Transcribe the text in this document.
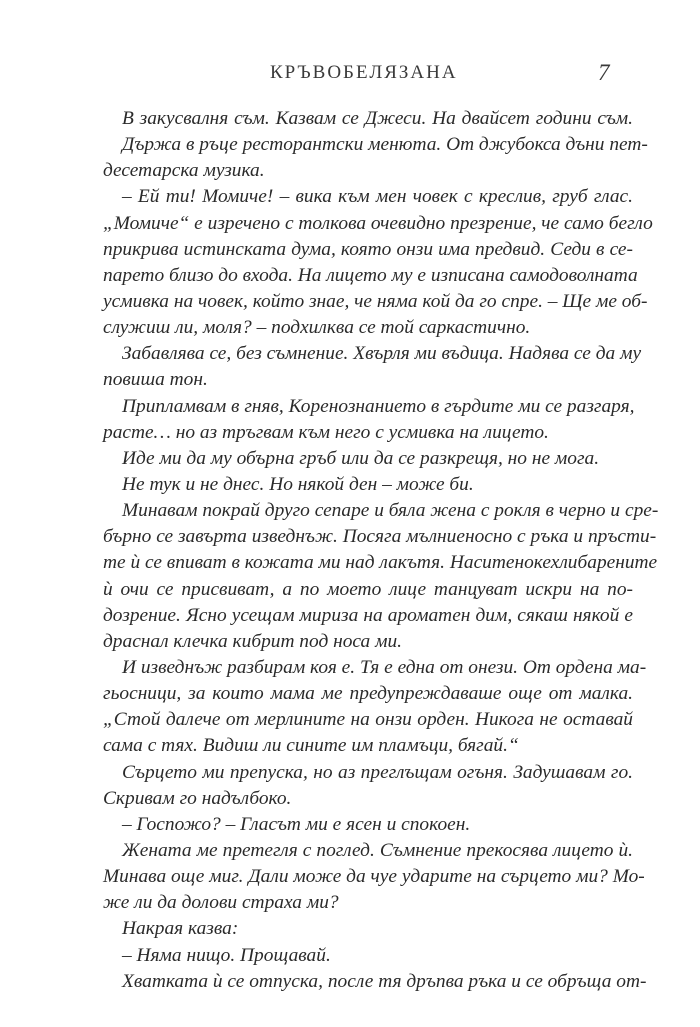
КРЪВОБЕЛЯЗАНА	7
В закусвалня съм. Казвам се Джеси. На двайсет години съм.
Държа в ръце ресторантски менюта. От джубокса дъни пет-
десетарска музика.
– Ей ти! Момиче! – вика към мен човек с креслив, груб глас.
„Момиче“ е изречено с толкова очевидно презрение, че само бегло
прикрива истинската дума, която онзи има предвид. Седи в се-
парето близо до входа. На лицето му е изписана самодоволната
усмивка на човек, който знае, че няма кой да го спре. – Ще ме об-
служиш ли, моля? – подхилква се той саркастично.
Забавлява се, без съмнение. Хвърля ми въдица. Надява се да му
повиша тон.
Припламвам в гняв, Коренознанието в гърдите ми се разгаря,
расте… но аз тръгвам към него с усмивка на лицето.
Иде ми да му обърна гръб или да се разкрещя, но не мога.
Не тук и не днес. Но някой ден – може би.
Минавам покрай друго сепаре и бяла жена с рокля в черно и сре-
бърно се завърта изведнъж. Посяга мълниеносно с ръка и пръсти-
те ѝ се впиват в кожата ми над лакътя. Наситенокехлибарените
ѝ очи се присвиват, а по моето лице танцуват искри на по-
дозрение. Ясно усещам мириза на ароматен дим, сякаш някой е
драснал клечка кибрит под носа ми.
И изведнъж разбирам коя е. Тя е една от онези. От ордена ма-
гьосници, за които мама ме предупреждаваше още от малка.
„Стой далече от мерлините на онзи орден. Никога не оставай
сама с тях. Видиш ли сините им пламъци, бягай.“
Сърцето ми препуска, но аз преглъщам огъня. Задушавам го.
Скривам го надълбоко.
– Госпожо? – Гласът ми е ясен и спокоен.
Жената ме претегля с поглед. Съмнение прекосява лицето ѝ.
Минава още миг. Дали може да чуе ударите на сърцето ми? Мо-
же ли да долови страха ми?
Накрая казва:
– Няма нищо. Прощавай.
Хватката ѝ се отпуска, после тя дръпва ръка и се обръща от-
